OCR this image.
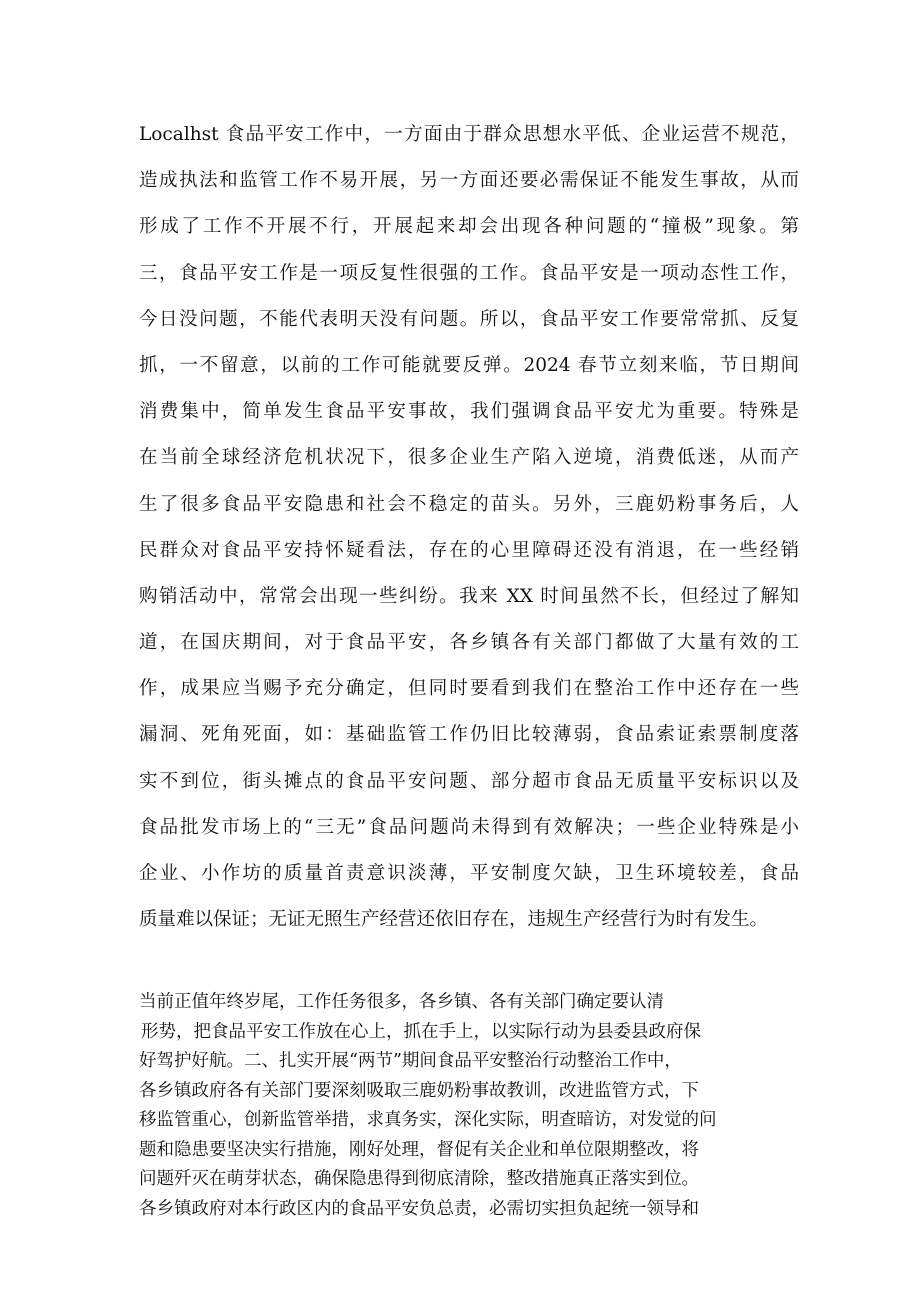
Localhst 食品平安工作中，一方面由于群众思想水平低、企业运营不规范，
造成执法和监管工作不易开展，另一方面还要必需保证不能发生事故，从而
形成了工作不开展不行，开展起来却会出现各种问题的“撞极”现象。第
三，食品平安工作是一项反复性很强的工作。食品平安是一项动态性工作，
今日没问题，不能代表明天没有问题。所以，食品平安工作要常常抓、反复
抓，一不留意，以前的工作可能就要反弹。2024 春节立刻来临，节日期间
消费集中，简单发生食品平安事故，我们强调食品平安尤为重要。特殊是
在当前全球经济危机状况下，很多企业生产陷入逆境，消费低迷，从而产
生了很多食品平安隐患和社会不稳定的苗头。另外，三鹿奶粉事务后，人
民群众对食品平安持怀疑看法，存在的心里障碍还没有消退，在一些经销
购销活动中，常常会出现一些纠纷。我来 XX 时间虽然不长，但经过了解知
道，在国庆期间，对于食品平安，各乡镇各有关部门都做了大量有效的工
作，成果应当赐予充分确定，但同时要看到我们在整治工作中还存在一些
漏洞、死角死面，如：基础监管工作仍旧比较薄弱，食品索证索票制度落
实不到位，街头摊点的食品平安问题、部分超市食品无质量平安标识以及
食品批发市场上的“三无”食品问题尚未得到有效解决；一些企业特殊是小
企业、小作坊的质量首责意识淡薄，平安制度欠缺，卫生环境较差，食品
质量难以保证；无证无照生产经营还依旧存在，违规生产经营行为时有发生。
当前正值年终岁尾，工作任务很多，各乡镇、各有关部门确定要认清
形势，把食品平安工作放在心上，抓在手上，以实际行动为县委县政府保
好驾护好航。二、扎实开展“两节”期间食品平安整治行动整治工作中，
各乡镇政府各有关部门要深刻吸取三鹿奶粉事故教训，改进监管方式，下
移监管重心，创新监管举措，求真务实，深化实际，明查暗访，对发觉的问
题和隐患要坚决实行措施，刚好处理，督促有关企业和单位限期整改，将
问题歼灭在萌芽状态，确保隐患得到彻底清除，整改措施真正落实到位。
各乡镇政府对本行政区内的食品平安负总责，必需切实担负起统一领导和
